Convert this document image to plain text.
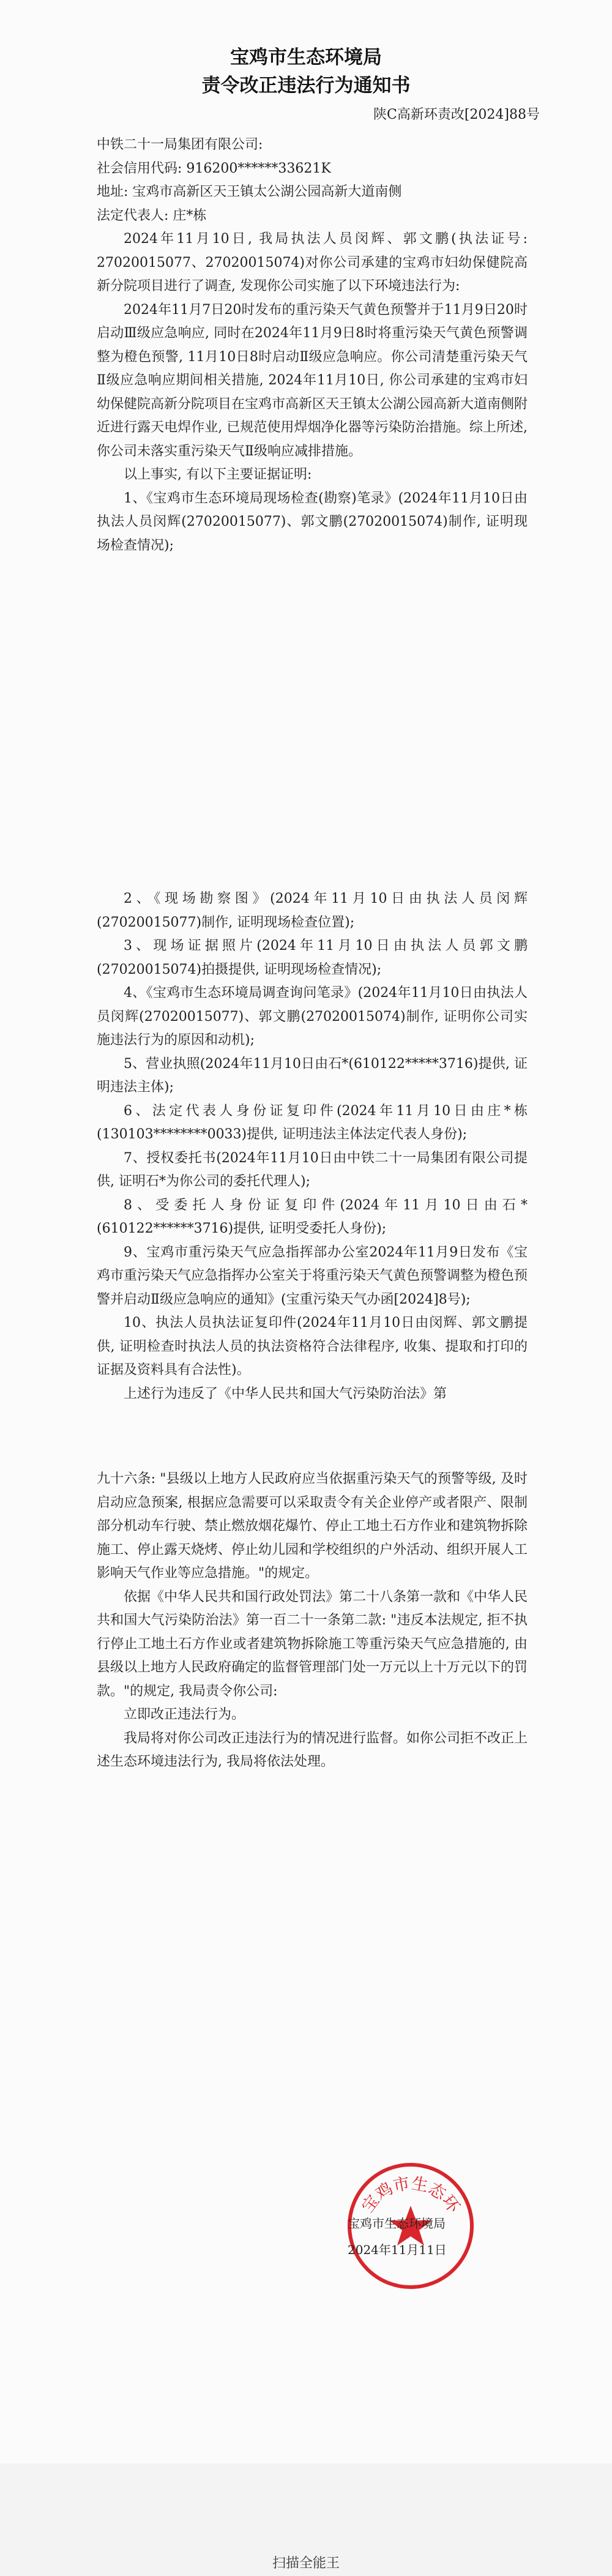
宝鸡市生态环境局
责令改正违法行为通知书
陕C高新环责改[2024]88号

中铁二十一局集团有限公司:

社会信用代码: 916200******33621K

地址: 宝鸡市高新区天王镇太公湖公园高新大道南侧

法定代表人: 庄*栋

2024年11月10日, 我局执法人员闵辉、郭文鹏(执法证号: 27020015077、27020015074)对你公司承建的宝鸡市妇幼保健院高新分院项目进行了调查, 发现你公司实施了以下环境违法行为:

2024年11月7日20时发布的重污染天气黄色预警并于11月9日20时启动Ⅲ级应急响应, 同时在2024年11月9日8时将重污染天气黄色预警调整为橙色预警, 11月10日8时启动Ⅱ级应急响应。你公司清楚重污染天气Ⅱ级应急响应期间相关措施, 2024年11月10日, 你公司承建的宝鸡市妇幼保健院高新分院项目在宝鸡市高新区天王镇太公湖公园高新大道南侧附近进行露天电焊作业, 已规范使用焊烟净化器等污染防治措施。综上所述, 你公司未落实重污染天气Ⅱ级响应减排措施。

以上事实, 有以下主要证据证明:

1、《宝鸡市生态环境局现场检查(勘察)笔录》(2024年11月10日由执法人员闵辉(27020015077)、郭文鹏(27020015074)制作, 证明现场检查情况);

2、《现场勘察图》(2024年11月10日由执法人员闵辉(27020015077)制作, 证明现场检查位置);

3、现场证据照片(2024年11月10日由执法人员郭文鹏(27020015074)拍摄提供, 证明现场检查情况);

4、《宝鸡市生态环境局调查询问笔录》(2024年11月10日由执法人员闵辉(27020015077)、郭文鹏(27020015074)制作, 证明你公司实施违法行为的原因和动机);

5、营业执照(2024年11月10日由石*(610122*****3716)提供, 证明违法主体);

6、法定代表人身份证复印件(2024年11月10日由庄*栋(130103********0033)提供, 证明违法主体法定代表人身份);

7、授权委托书(2024年11月10日由中铁二十一局集团有限公司提供, 证明石*为你公司的委托代理人);

8、受委托人身份证复印件(2024年11月10日由石*(610122******3716)提供, 证明受委托人身份);

9、宝鸡市重污染天气应急指挥部办公室2024年11月9日发布《宝鸡市重污染天气应急指挥办公室关于将重污染天气黄色预警调整为橙色预警并启动Ⅱ级应急响应的通知》(宝重污染天气办函[2024]8号);

10、执法人员执法证复印件(2024年11月10日由闵辉、郭文鹏提供, 证明检查时执法人员的执法资格符合法律程序, 收集、提取和打印的证据及资料具有合法性)。

上述行为违反了《中华人民共和国大气污染防治法》第

九十六条: "县级以上地方人民政府应当依据重污染天气的预警等级, 及时启动应急预案, 根据应急需要可以采取责令有关企业停产或者限产、限制部分机动车行驶、禁止燃放烟花爆竹、停止工地土石方作业和建筑物拆除施工、停止露天烧烤、停止幼儿园和学校组织的户外活动、组织开展人工影响天气作业等应急措施。"的规定。

依据《中华人民共和国行政处罚法》第二十八条第一款和《中华人民共和国大气污染防治法》第一百二十一条第二款: "违反本法规定, 拒不执行停止工地土石方作业或者建筑物拆除施工等重污染天气应急措施的, 由县级以上地方人民政府确定的监督管理部门处一万元以上十万元以下的罚款。"的规定, 我局责令你公司:

立即改正违法行为。

我局将对你公司改正违法行为的情况进行监督。如你公司拒不改正上述生态环境违法行为, 我局将依法处理。

宝鸡市生态环
宝鸡市生态环境局
2024年11月11日
扫描全能王
